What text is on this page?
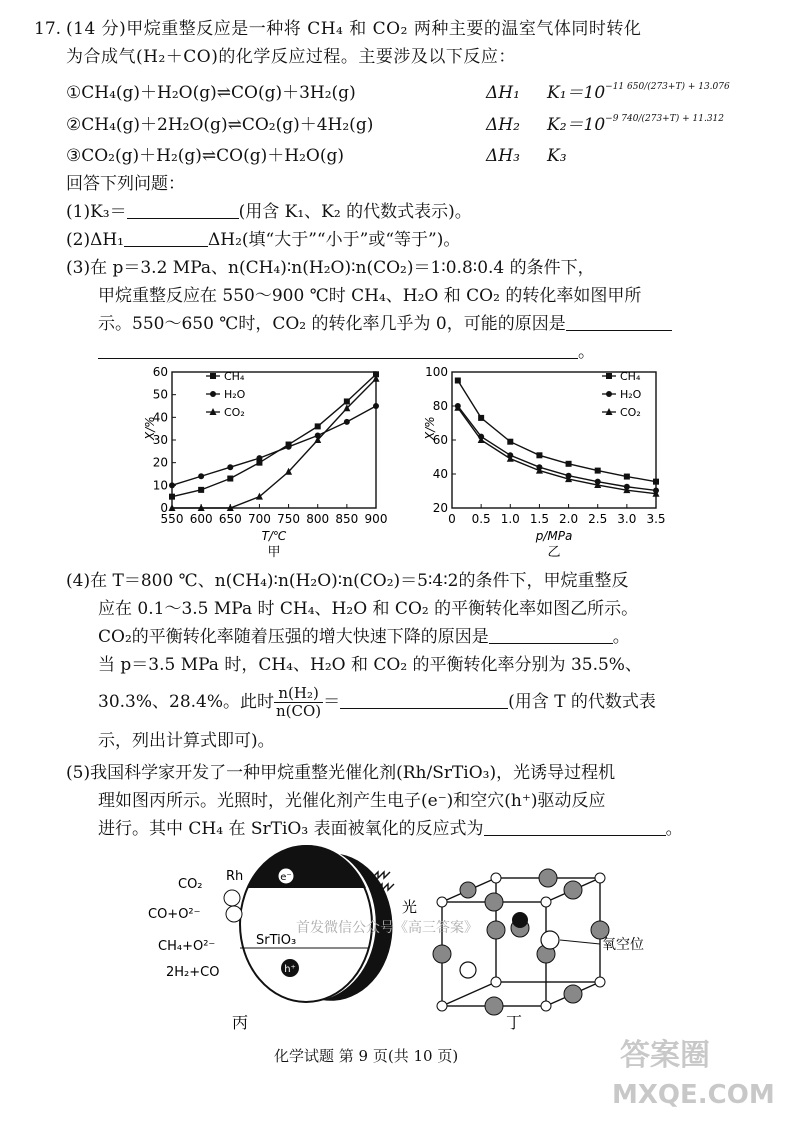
17. (14 分)甲烷重整反应是一种将 CH₄ 和 CO₂ 两种主要的温室气体同时转化
为合成气(H₂＋CO)的化学反应过程。主要涉及以下反应：
①CH₄(g)＋H₂O(g)⇌CO(g)＋3H₂(g)	ΔH₁ $K_1=10^{-11 650/(273+T) + 13.076}$
②CH₄(g)＋2H₂O(g)⇌CO₂(g)＋4H₂(g)	ΔH₂ $K_2=10^{-9 740/(273+T) + 11.312}$
③CO₂(g)＋H₂(g)⇌CO(g)＋H₂O(g)	ΔH₃ K₃
回答下列问题：
(1)K₃＝	(用含 K₁、K₂ 的代数式表示)。
(2)ΔH₁	ΔH₂(填“大于”“小于”或“等于”)。
(3)在 p＝3.2 MPa、n(CH₄)∶n(H₂O)∶n(CO₂)＝1∶0.8∶0.4 的条件下，
甲烷重整反应在 550～900 ℃时 CH₄、H₂O 和 CO₂ 的转化率如图甲所
示。550～650 ℃时，CO₂ 的转化率几乎为 0，可能的原因是
。
0
10
20
30
40
50
60
550 600 650 700 750 800 850 900
X/%
T/℃
甲
CH₄
H₂O
CO₂
20
40
60
80
100
0 0.5 1.0 1.5 2.0 2.5 3.0 3.5
X/%
p/MPa
乙
CH₄
H₂O
CO₂
(4)在 T＝800 ℃、n(CH₄)∶n(H₂O)∶n(CO₂)＝5∶4∶2的条件下，甲烷重整反
应在 0.1～3.5 MPa 时 CH₄、H₂O 和 CO₂ 的平衡转化率如图乙所示。
CO₂的平衡转化率随着压强的增大快速下降的原因是	。
当 p＝3.5 MPa 时，CH₄、H₂O 和 CO₂ 的平衡转化率分别为 35.5%、
30.3%、28.4%。此时 $\frac{\text{n(H₂)}}{n(CO)}$ ＝	(用含 T 的代数式表
示，列出计算式即可)。
(5)我国科学家开发了一种甲烷重整光催化剂(Rh/SrTiO₃)，光诱导过程机
理如图丙所示。光照时，光催化剂产生电子(e⁻)和空穴(h⁺)驱动反应
进行。其中 CH₄ 在 SrTiO₃ 表面被氧化的反应式为	。
e⁻
h⁺
Rh
SrTiO₃
CO₂
CO+O²⁻
CH₄+O²⁻
2H₂+CO
光
丙
氧空位
丁
首发微信公众号《高三答案》
化学试题 第 9 页(共 10 页)	答案圈
MXQE.COM
